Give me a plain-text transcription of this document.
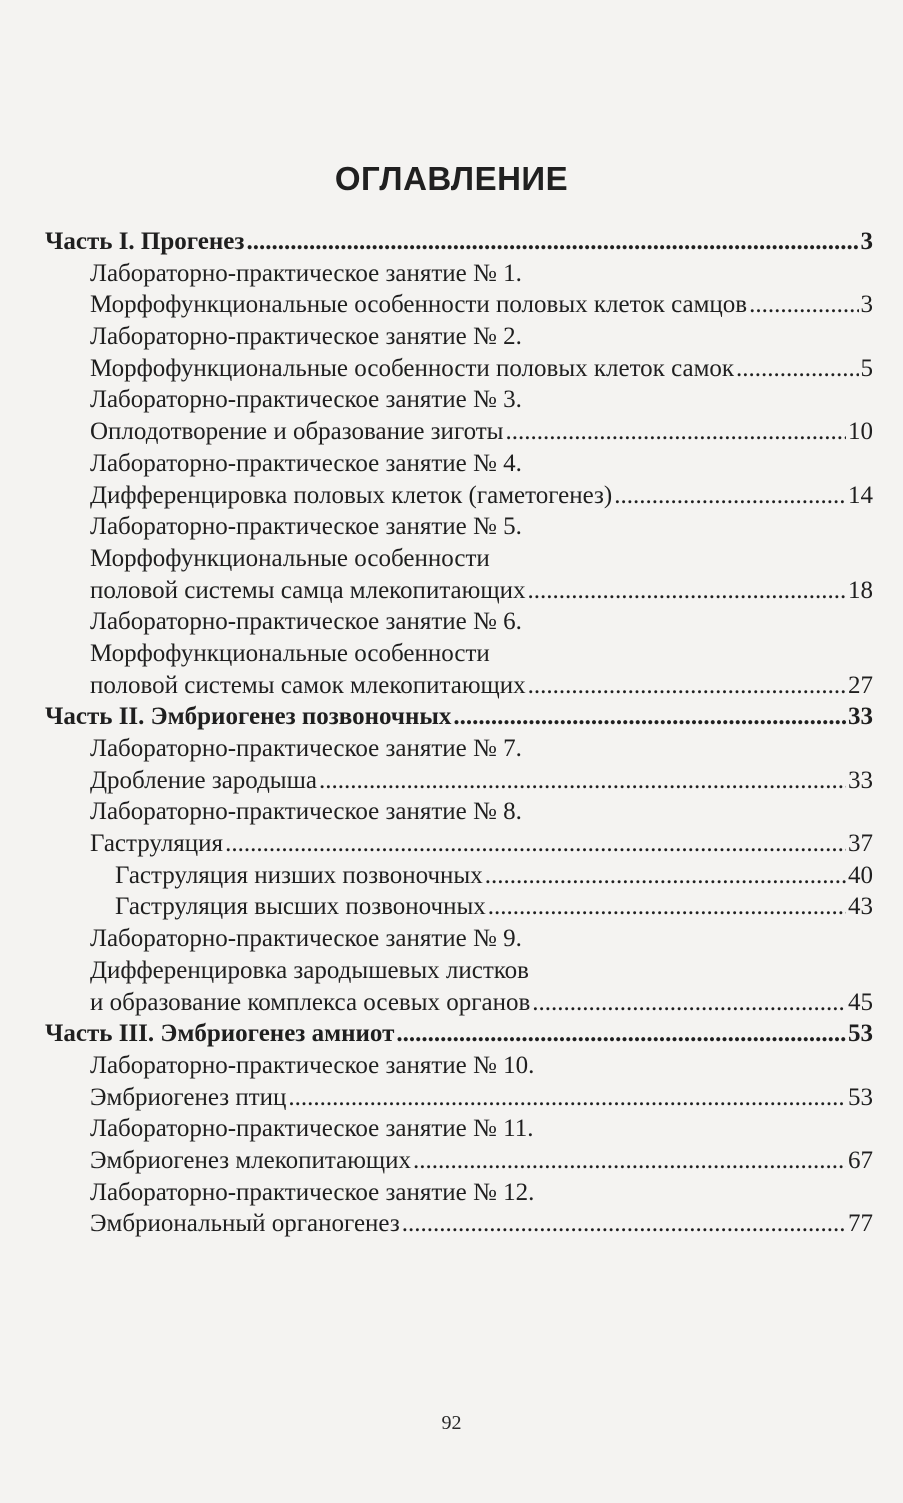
ОГЛАВЛЕНИЕ
Часть I. Прогенез .....	3
Лабораторно-практическое занятие № 1.
Морфофункциональные особенности половых клеток самцов .....	3
Лабораторно-практическое занятие № 2.
Морфофункциональные особенности половых клеток самок .....	5
Лабораторно-практическое занятие № 3.
Оплодотворение и образование зиготы .....	10
Лабораторно-практическое занятие № 4.
Дифференцировка половых клеток (гаметогенез) .....	14
Лабораторно-практическое занятие № 5.
Морфофункциональные особенности
половой системы самца млекопитающих .....	18
Лабораторно-практическое занятие № 6.
Морфофункциональные особенности
половой системы самок млекопитающих .....	27
Часть II. Эмбриогенез позвоночных .....	33
Лабораторно-практическое занятие № 7.
Дробление зародыша .....	33
Лабораторно-практическое занятие № 8.
Гаструляция .....	37
Гаструляция низших позвоночных .....	40
Гаструляция высших позвоночных .....	43
Лабораторно-практическое занятие № 9.
Дифференцировка зародышевых листков
и образование комплекса осевых органов .....	45
Часть III. Эмбриогенез амниот .....	53
Лабораторно-практическое занятие № 10.
Эмбриогенез птиц .....	53
Лабораторно-практическое занятие № 11.
Эмбриогенез млекопитающих .....	67
Лабораторно-практическое занятие № 12.
Эмбриональный органогенез .....	77
92
